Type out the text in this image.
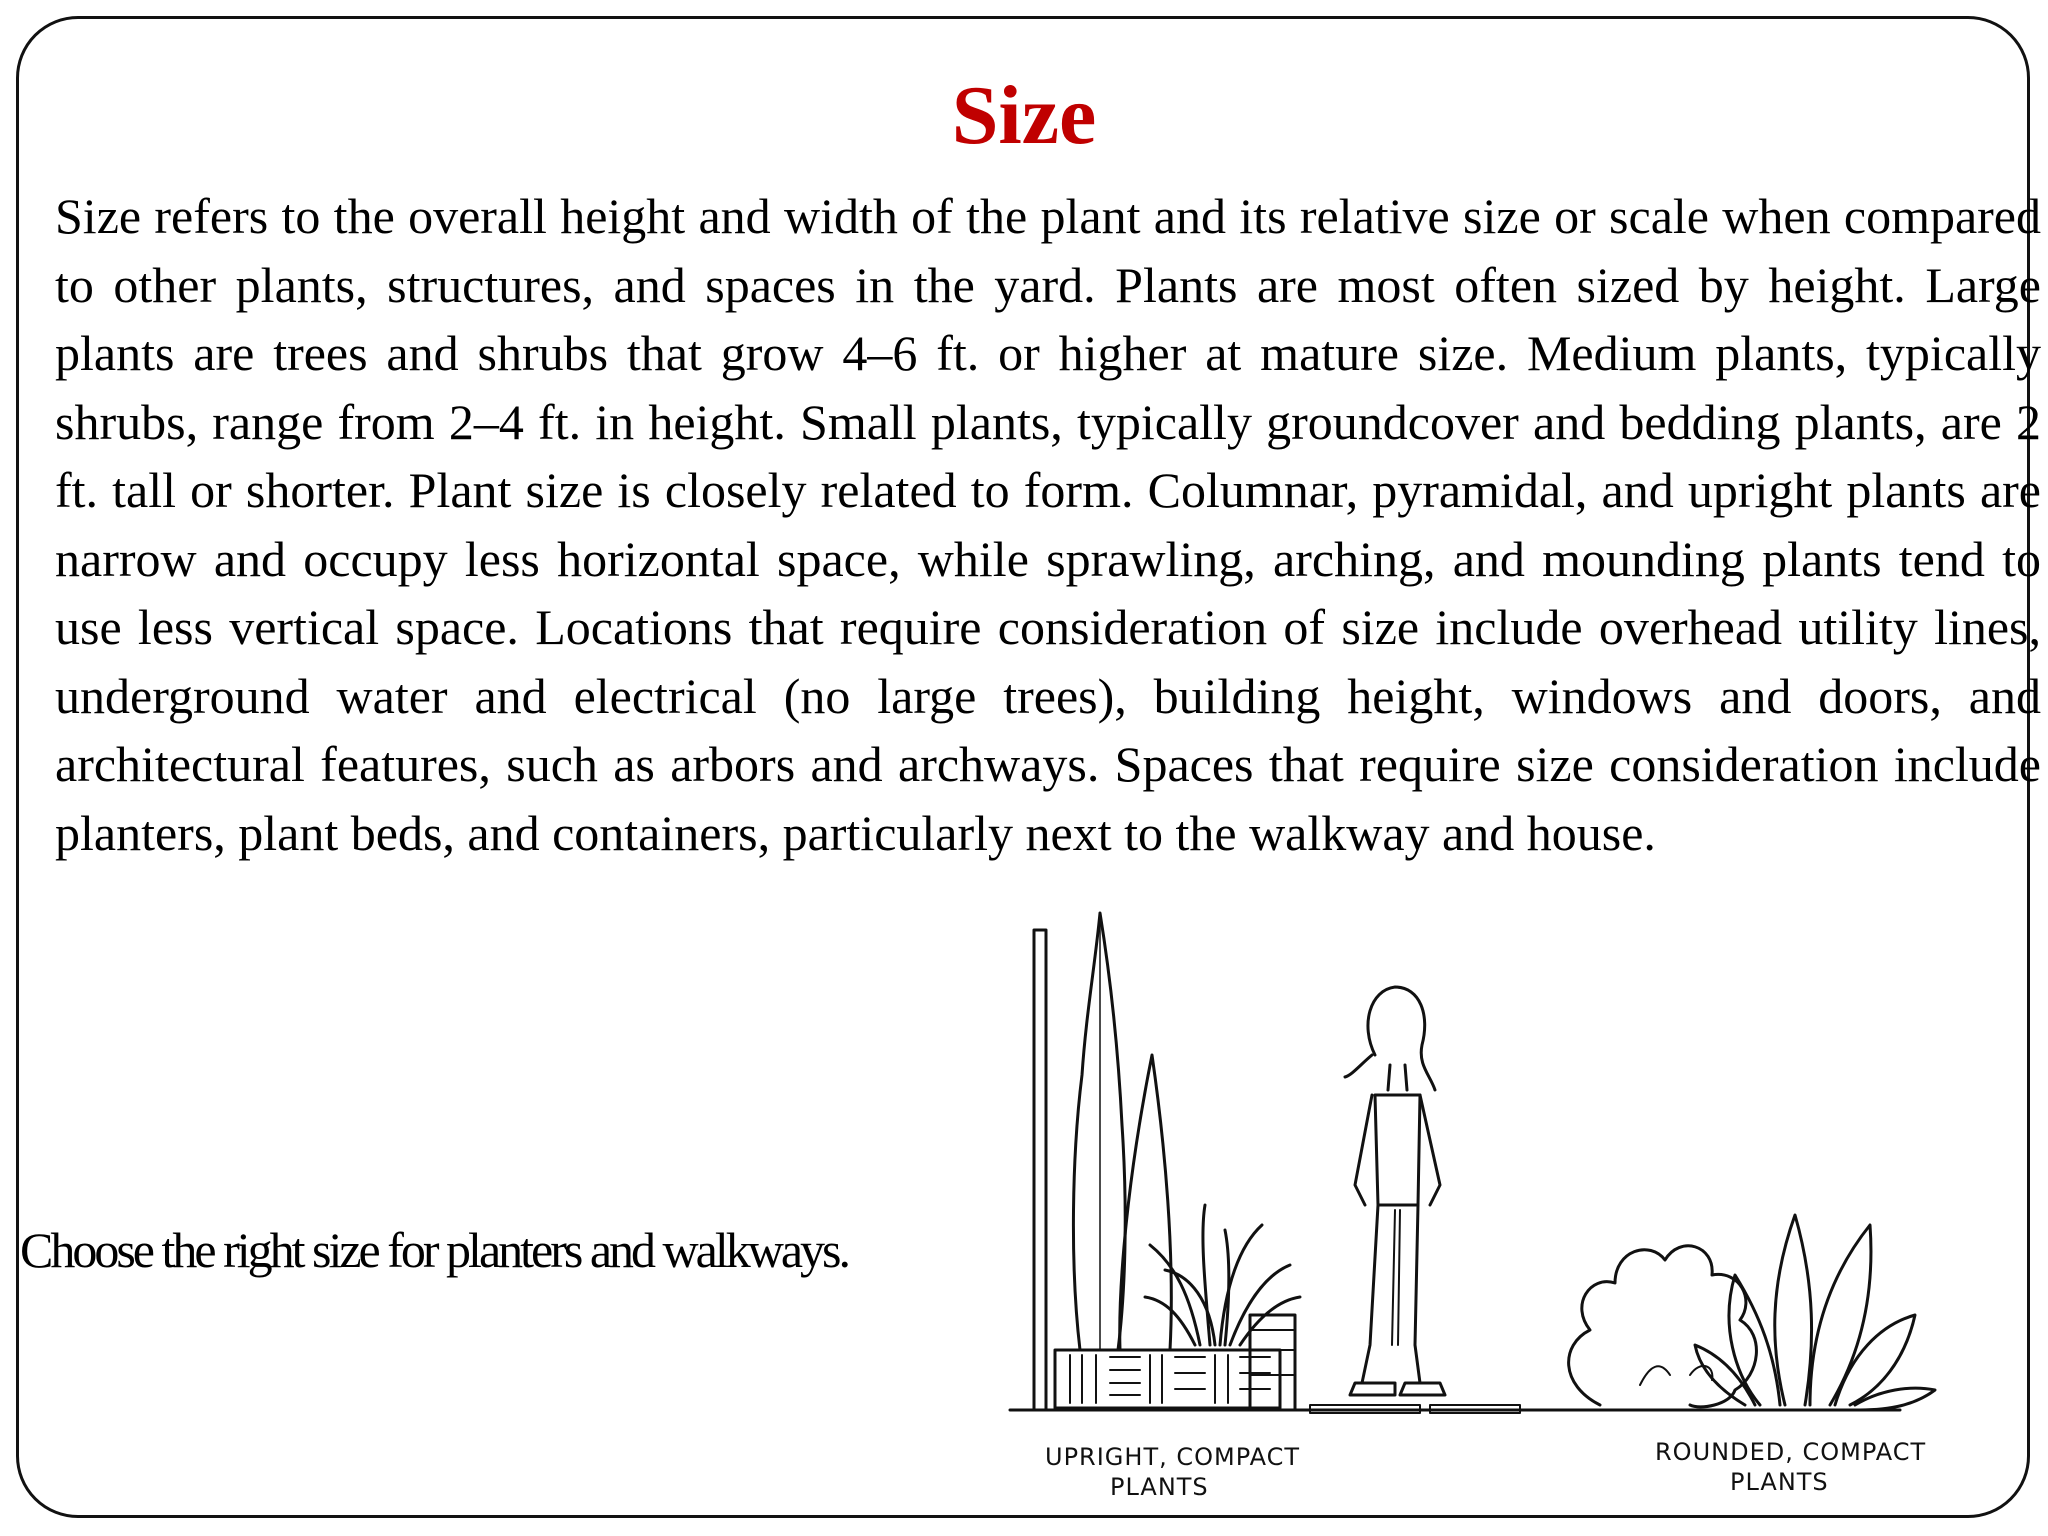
Size

Size refers to the overall height and width of the plant and its relative size or scale when compared to other plants, structures, and spaces in the yard. Plants are most often sized by height. Large plants are trees and shrubs that grow 4–6 ft. or higher at mature size. Medium plants, typically shrubs, range from 2–4 ft. in height. Small plants, typically groundcover and bedding plants, are 2 ft. tall or shorter. Plant size is closely related to form. Columnar, pyramidal, and upright plants are narrow and occupy less horizontal space, while sprawling, arching, and mounding plants tend to use less vertical space. Locations that require consideration of size include overhead utility lines, underground water and electrical (no large trees), building height, windows and doors, and architectural features, such as arbors and archways. Spaces that require size consideration include planters, plant beds, and containers, particularly next to the walkway and house.

Choose the right size for planters and walkways.

UPRIGHT, COMPACT
PLANTS
ROUNDED, COMPACT
PLANTS
